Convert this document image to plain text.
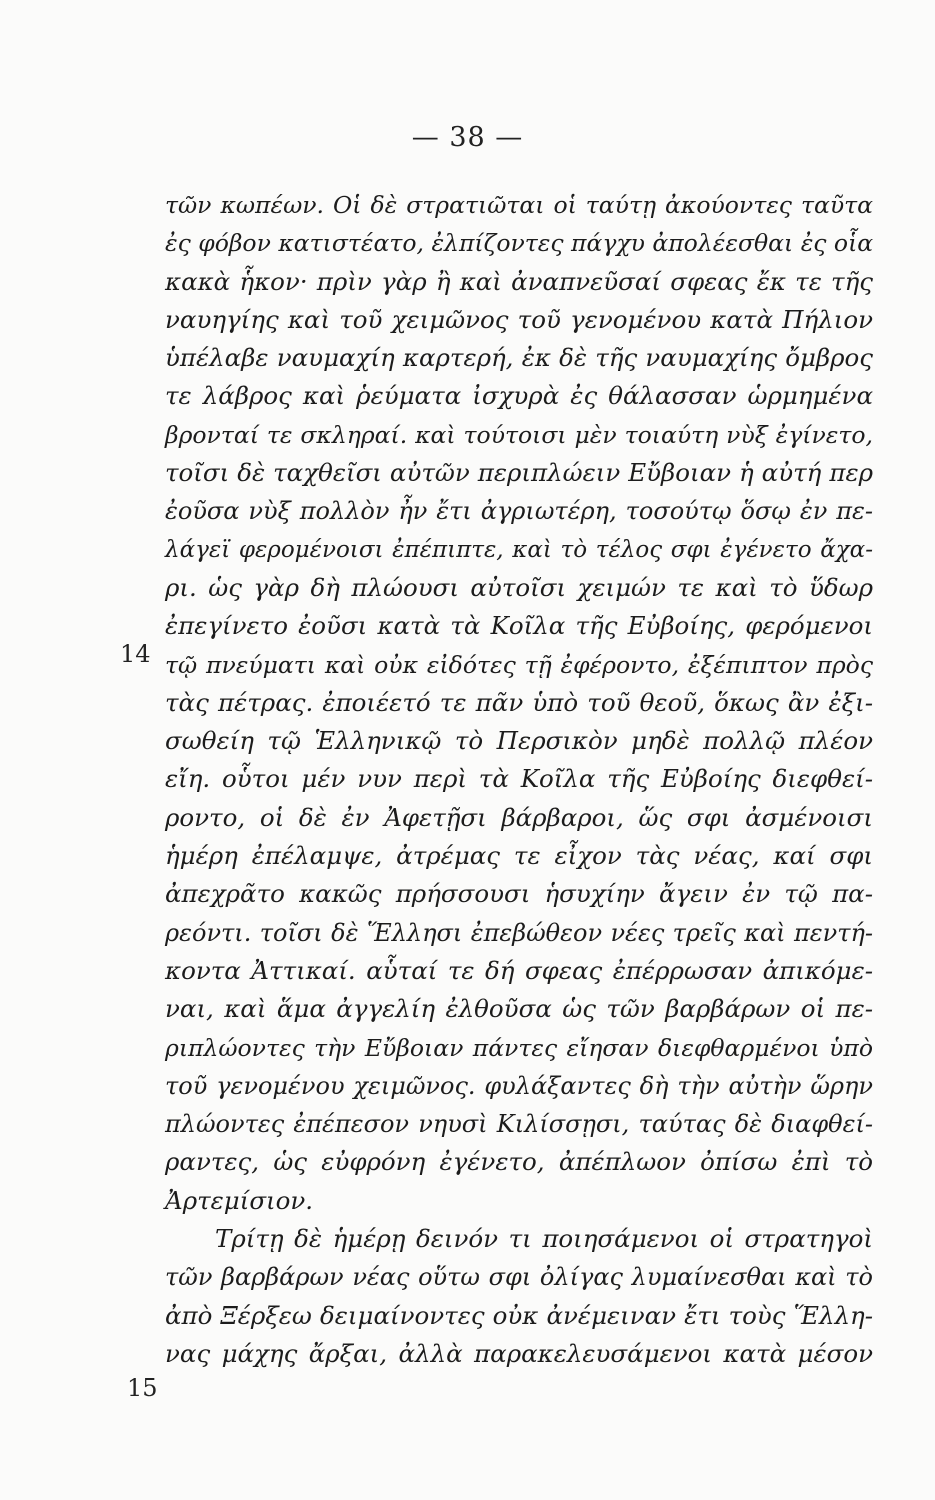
— 38 —
14
15
τῶν κωπέων. Οἱ δὲ στρατιῶται οἱ ταύτῃ ἀκούοντες ταῦτα
ἐς φόβον κατιστέατο, ἐλπίζοντες πάγχυ ἀπολέεσθαι ἐς οἷα
κακὰ ἧκον· πρὶν γὰρ ἢ καὶ ἀναπνεῦσαί σφεας ἔκ τε τῆς
ναυηγίης καὶ τοῦ χειμῶνος τοῦ γενομένου κατὰ Πήλιον
ὑπέλαβε ναυμαχίη καρτερή, ἐκ δὲ τῆς ναυμαχίης ὄμβρος
τε λάβρος καὶ ῥεύματα ἰσχυρὰ ἐς θάλασσαν ὡρμημένα
βρονταί τε σκληραί. καὶ τούτοισι μὲν τοιαύτη νὺξ ἐγίνετο,
τοῖσι δὲ ταχθεῖσι αὐτῶν περιπλώειν Εὔβοιαν ἡ αὐτή περ
ἐοῦσα νὺξ πολλὸν ἦν ἔτι ἀγριωτέρη, τοσούτῳ ὅσῳ ἐν πε-
λάγεϊ φερομένοισι ἐπέπιπτε, καὶ τὸ τέλος σφι ἐγένετο ἄχα-
ρι. ὡς γὰρ δὴ πλώουσι αὐτοῖσι χειμών τε καὶ τὸ ὕδωρ
ἐπεγίνετο ἐοῦσι κατὰ τὰ Κοῖλα τῆς Εὐβοίης, φερόμενοι
τῷ πνεύματι καὶ οὐκ εἰδότες τῇ ἐφέροντο, ἐξέπιπτον πρὸς
τὰς πέτρας. ἐποιέετό τε πᾶν ὑπὸ τοῦ θεοῦ, ὅκως ἂν ἐξι-
σωθείη τῷ Ἑλληνικῷ τὸ Περσικὸν μηδὲ πολλῷ πλέον
εἴη. οὗτοι μέν νυν περὶ τὰ Κοῖλα τῆς Εὐβοίης διεφθεί-
ροντο, οἱ δὲ ἐν Ἀφετῇσι βάρβαροι, ὥς σφι ἀσμένοισι
ἡμέρη ἐπέλαμψε, ἀτρέμας τε εἶχον τὰς νέας, καί σφι
ἀπεχρᾶτο κακῶς πρήσσουσι ἡσυχίην ἄγειν ἐν τῷ πα-
ρεόντι. τοῖσι δὲ Ἕλλησι ἐπεβώθεον νέες τρεῖς καὶ πεντή-
κοντα Ἀττικαί. αὗταί τε δή σφεας ἐπέρρωσαν ἀπικόμε-
ναι, καὶ ἅμα ἀγγελίη ἐλθοῦσα ὡς τῶν βαρβάρων οἱ πε-
ριπλώοντες τὴν Εὔβοιαν πάντες εἴησαν διεφθαρμένοι ὑπὸ
τοῦ γενομένου χειμῶνος. φυλάξαντες δὴ τὴν αὐτὴν ὥρην
πλώοντες ἐπέπεσον νηυσὶ Κιλίσσῃσι, ταύτας δὲ διαφθεί-
ραντες, ὡς εὐφρόνη ἐγένετο, ἀπέπλωον ὀπίσω ἐπὶ τὸ
Ἀρτεμίσιον.
Τρίτῃ δὲ ἡμέρῃ δεινόν τι ποιησάμενοι οἱ στρατηγοὶ
τῶν βαρβάρων νέας οὕτω σφι ὀλίγας λυμαίνεσθαι καὶ τὸ
ἀπὸ Ξέρξεω δειμαίνοντες οὐκ ἀνέμειναν ἔτι τοὺς Ἕλλη-
νας μάχης ἄρξαι, ἀλλὰ παρακελευσάμενοι κατὰ μέσον
